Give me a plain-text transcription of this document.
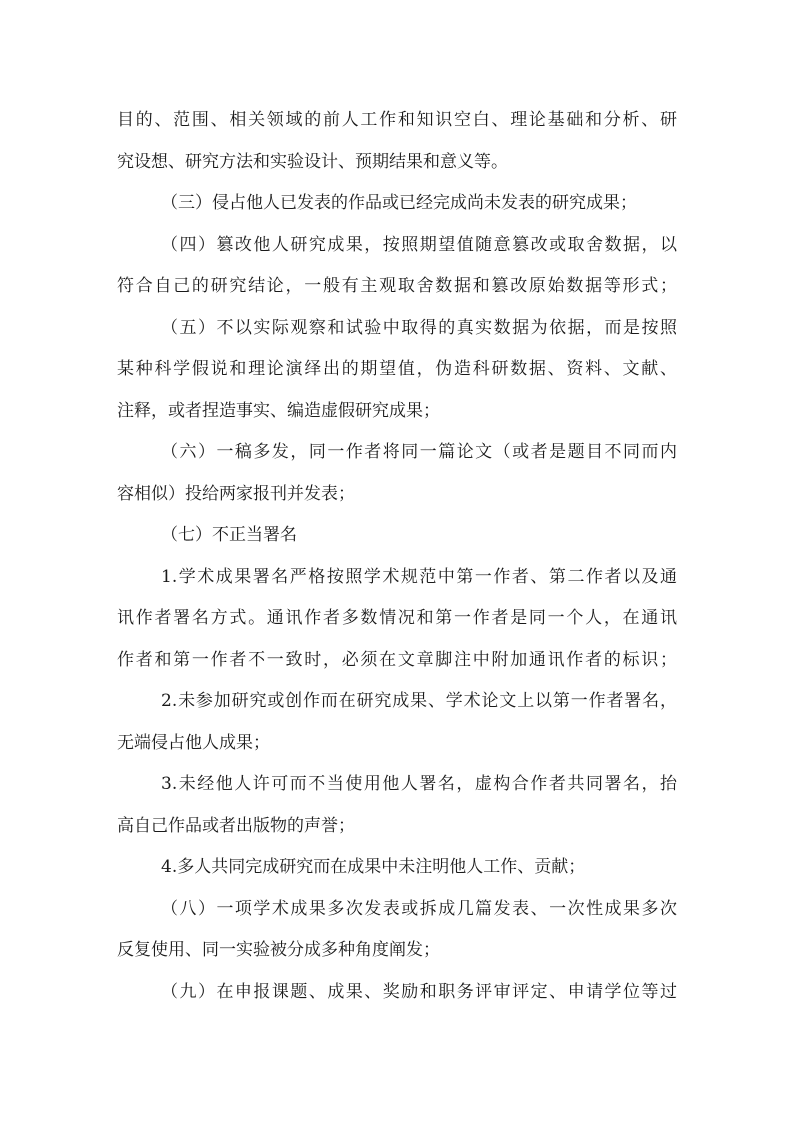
目的、范围、相关领域的前人工作和知识空白、理论基础和分析、研
究设想、研究方法和实验设计、预期结果和意义等。
（三）侵占他人已发表的作品或已经完成尚未发表的研究成果；
（四）篡改他人研究成果，按照期望值随意篡改或取舍数据，以
符合自己的研究结论，一般有主观取舍数据和篡改原始数据等形式；
（五）不以实际观察和试验中取得的真实数据为依据，而是按照
某种科学假说和理论演绎出的期望值，伪造科研数据、资料、文献、
注释，或者捏造事实、编造虚假研究成果；
（六）一稿多发，同一作者将同一篇论文（或者是题目不同而内
容相似）投给两家报刊并发表；
（七）不正当署名
1.学术成果署名严格按照学术规范中第一作者、第二作者以及通
讯作者署名方式。通讯作者多数情况和第一作者是同一个人，在通讯
作者和第一作者不一致时，必须在文章脚注中附加通讯作者的标识；
2.未参加研究或创作而在研究成果、学术论文上以第一作者署名，
无端侵占他人成果；
3.未经他人许可而不当使用他人署名，虚构合作者共同署名，抬
高自己作品或者出版物的声誉；
4.多人共同完成研究而在成果中未注明他人工作、贡献；
（八）一项学术成果多次发表或拆成几篇发表、一次性成果多次
反复使用、同一实验被分成多种角度阐发；
（九）在申报课题、成果、奖励和职务评审评定、申请学位等过
